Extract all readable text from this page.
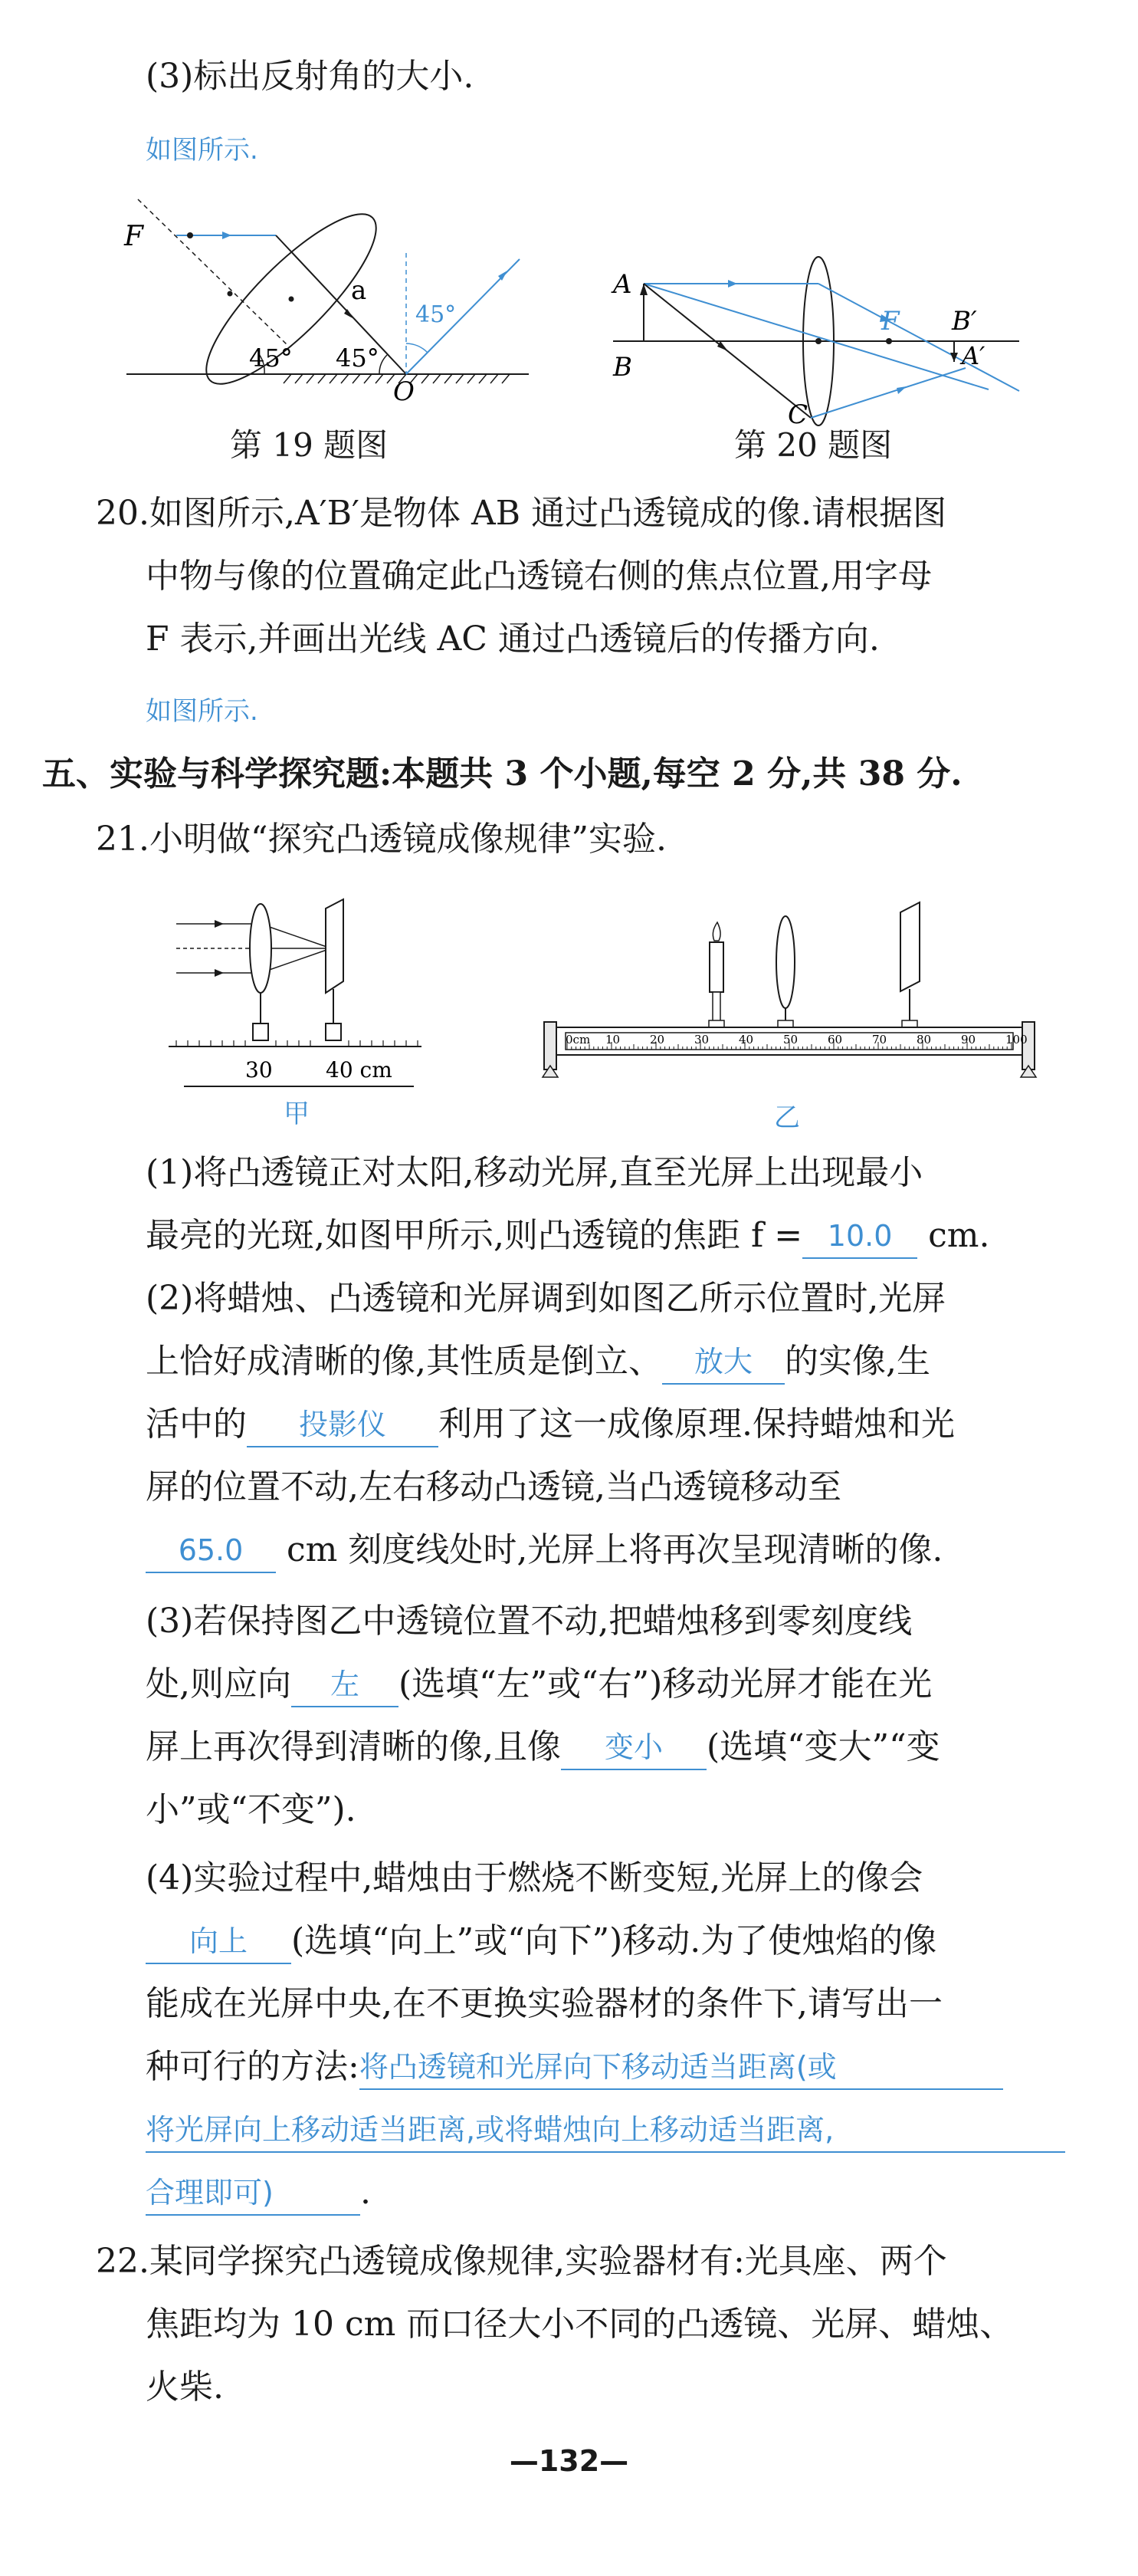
(3)标出反射角的大小.
如图所示.
F
a
45° 45°
O
45°
第 19 题图
A
B
C
F B′
A′
第 20 题图
20.如图所示,A′B′是物体 AB 通过凸透镜成的像.请根据图
中物与像的位置确定此凸透镜右侧的焦点位置,用字母
F 表示,并画出光线 AC 通过凸透镜后的传播方向.
如图所示.
五、实验与科学探究题:本题共 3 个小题,每空 2 分,共 38 分.
21.小明做“探究凸透镜成像规律”实验.
30 40 cm
甲
0cm 10	20	30	40	50	60	70	80	90	100
乙
(1)将凸透镜正对太阳,移动光屏,直至光屏上出现最小
最亮的光斑,如图甲所示,则凸透镜的焦距 f = 10.0 cm.
(2)将蜡烛、凸透镜和光屏调到如图乙所示位置时,光屏
上恰好成清晰的像,其性质是倒立、 放大 的实像,生
活中的 投影仪 利用了这一成像原理.保持蜡烛和光
屏的位置不动,左右移动凸透镜,当凸透镜移动至
65.0 cm 刻度线处时,光屏上将再次呈现清晰的像.
(3)若保持图乙中透镜位置不动,把蜡烛移到零刻度线
处,则应向 左 (选填“左”或“右”)移动光屏才能在光
屏上再次得到清晰的像,且像 变小 (选填“变大”“变
小”或“不变”).
(4)实验过程中,蜡烛由于燃烧不断变短,光屏上的像会
向上 (选填“向上”或“向下”)移动.为了使烛焰的像
能成在光屏中央,在不更换实验器材的条件下,请写出一
种可行的方法:将凸透镜和光屏向下移动适当距离(或
将光屏向上移动适当距离,或将蜡烛向上移动适当距离,
合理即可)	.
22.某同学探究凸透镜成像规律,实验器材有:光具座、两个
焦距均为 10 cm 而口径大小不同的凸透镜、光屏、蜡烛、
火柴.
—132—
